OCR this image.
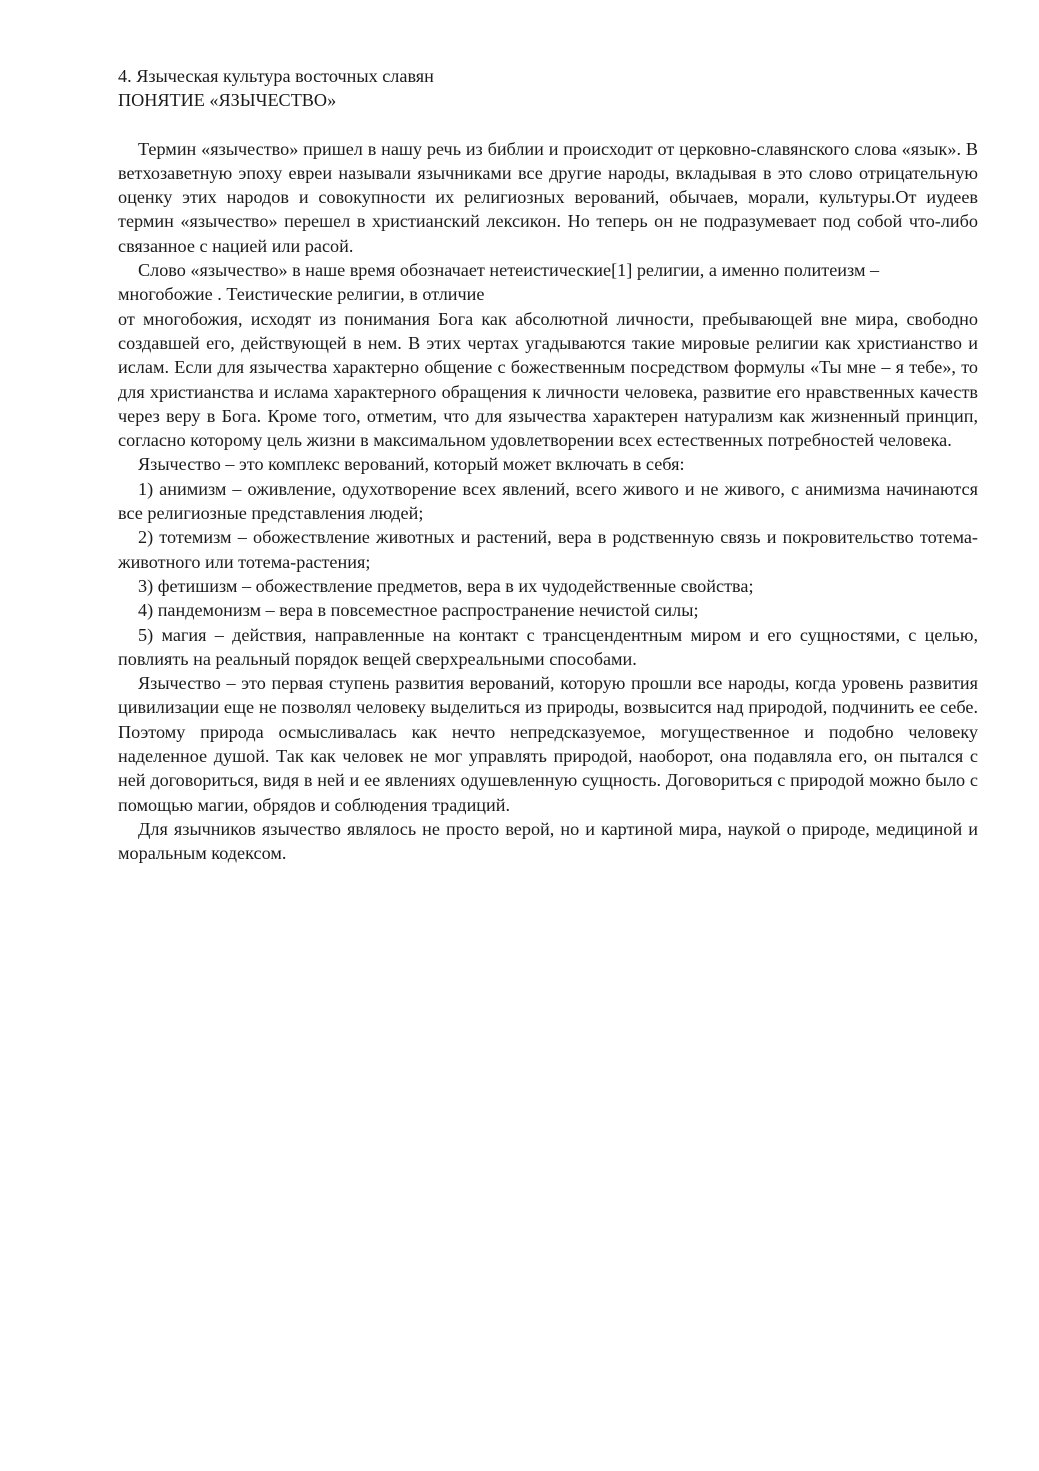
4. Языческая культура восточных славян

ПОНЯТИЕ «ЯЗЫЧЕСТВО»

Термин «язычество» пришел в нашу речь из библии и происходит от церковно-славянского слова «язык». В ветхозаветную эпоху евреи называли язычниками все другие народы, вкладывая в это слово отрицательную оценку этих народов и совокупности их религиозных верований, обычаев, морали, культуры.От иудеев термин «язычество» перешел в христианский лексикон. Но теперь он не подразумевает под собой что-либо связанное с нацией или расой.

Слово «язычество» в наше время обозначает нетеистические[1] религии, а именно политеизм – многобожие . Теистические религии, в отличие

от многобожия, исходят из понимания Бога как абсолютной личности, пребывающей вне мира, свободно создавшей его, действующей в нем. В этих чертах угадываются такие мировые религии как христианство и ислам. Если для язычества характерно общение с божественным посредством формулы «Ты мне – я тебе», то для христианства и ислама характерного обращения к личности человека, развитие его нравственных качеств через веру в Бога. Кроме того, отметим, что для язычества характерен натурализм как жизненный принцип, согласно которому цель жизни в максимальном удовлетворении всех естественных потребностей человека.

Язычество – это комплекс верований, который может включать в себя:

1) анимизм – оживление, одухотворение всех явлений, всего живого и не живого, с анимизма начинаются все религиозные представления людей;

2) тотемизм – обожествление животных и растений, вера в родственную связь и покровительство тотема-животного или тотема-растения;

3) фетишизм – обожествление предметов, вера в их чудодейственные свойства;

4) пандемонизм – вера в повсеместное распространение нечистой силы;

5) магия – действия, направленные на контакт с трансцендентным миром и его сущностями, с целью, повлиять на реальный порядок вещей сверхреальными способами.

Язычество – это первая ступень развития верований, которую прошли все народы, когда уровень развития цивилизации еще не позволял человеку выделиться из природы, возвысится над природой, подчинить ее себе. Поэтому природа осмысливалась как нечто непредсказуемое, могущественное и подобно человеку наделенное душой. Так как человек не мог управлять природой, наоборот, она подавляла его, он пытался с ней договориться, видя в ней и ее явлениях одушевленную сущность. Договориться с природой можно было с помощью магии, обрядов и соблюдения традиций.

Для язычников язычество являлось не просто верой, но и картиной мира, наукой о природе, медициной и моральным кодексом.
